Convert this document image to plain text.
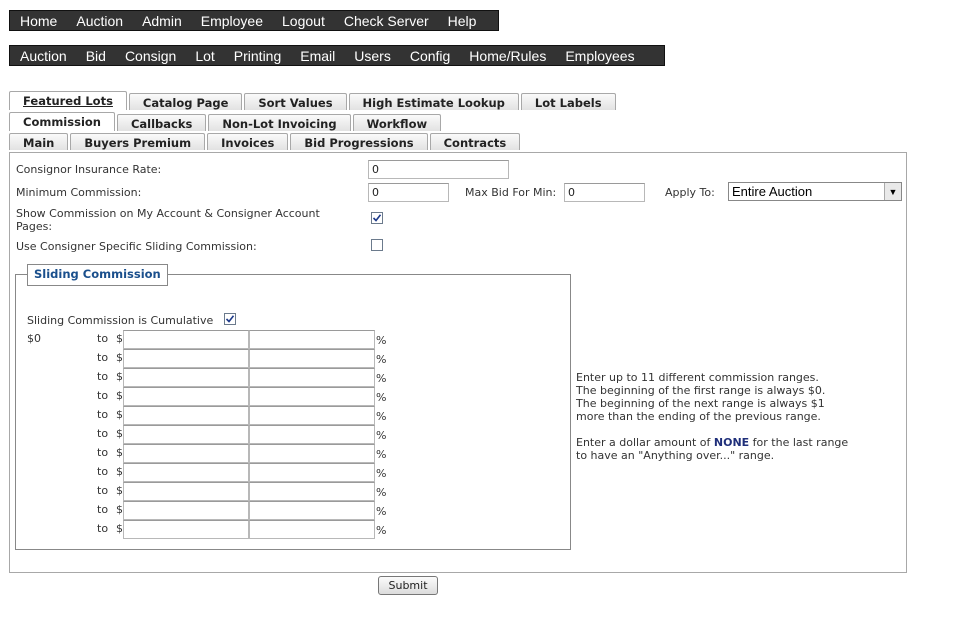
Home	Auction	Admin	Employee	Logout	Check Server	Help
Auction	Bid	Consign	Lot	Printing	Email	Users	Config	Home/Rules	Employees
Featured Lots	Catalog Page	Sort Values	High Estimate Lookup	Lot Labels
Commission	Callbacks	Non-Lot Invoicing	Workflow
Main	Buyers Premium	Invoices	Bid Progressions	Contracts
Consignor Insurance Rate:
0
Minimum Commission:
0	Max Bid For Min:
0	Apply To:	Entire Auction	▼
Show Commission on My Account & Consigner Account Pages:
Use Consigner Specific Sliding Commission:
Sliding Commission
Sliding Commission is Cumulative
$0	to $	%
to $	%
to $	%
to $	%
to $	%
to $	%
to $	%
to $	%
to $	%
to $	%
to $	%
Enter up to 11 different commission ranges.
The beginning of the first range is always $0.
The beginning of the next range is always $1
more than the ending of the previous range.
Enter a dollar amount of NONE for the last range
to have an "Anything over..." range.
Submit
